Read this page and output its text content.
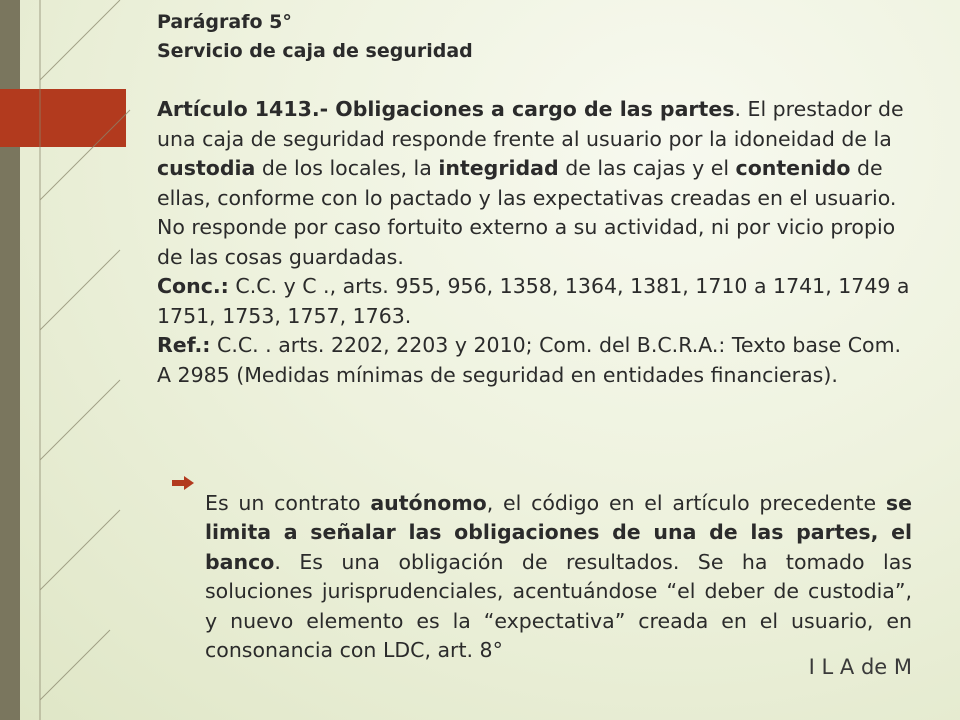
Parágrafo 5°

Servicio de caja de seguridad

Artículo 1413.- Obligaciones a cargo de las partes. El prestador de una caja de seguridad responde frente al usuario por la idoneidad de la custodia de los locales, la integridad de las cajas y el contenido de ellas, conforme con lo pactado y las expectativas creadas en el usuario. No responde por caso fortuito externo a su actividad, ni por vicio propio de las cosas guardadas.

Conc.: C.C. y C ., arts. 955, 956, 1358, 1364, 1381, 1710 a 1741, 1749 a 1751, 1753, 1757, 1763.

Ref.: C.C. . arts. 2202, 2203 y 2010; Com. del B.C.R.A.: Texto base Com. A 2985 (Medidas mínimas de seguridad en entidades financieras).

Es un contrato autónomo, el código en el artículo precedente se limita a señalar las obligaciones de una de las partes, el banco. Es una obligación de resultados. Se ha tomado las soluciones jurisprudenciales, acentuándose “el deber de custodia”, y nuevo elemento es la “expectativa” creada en el usuario, en consonancia con LDC, art. 8°

I L A de M
